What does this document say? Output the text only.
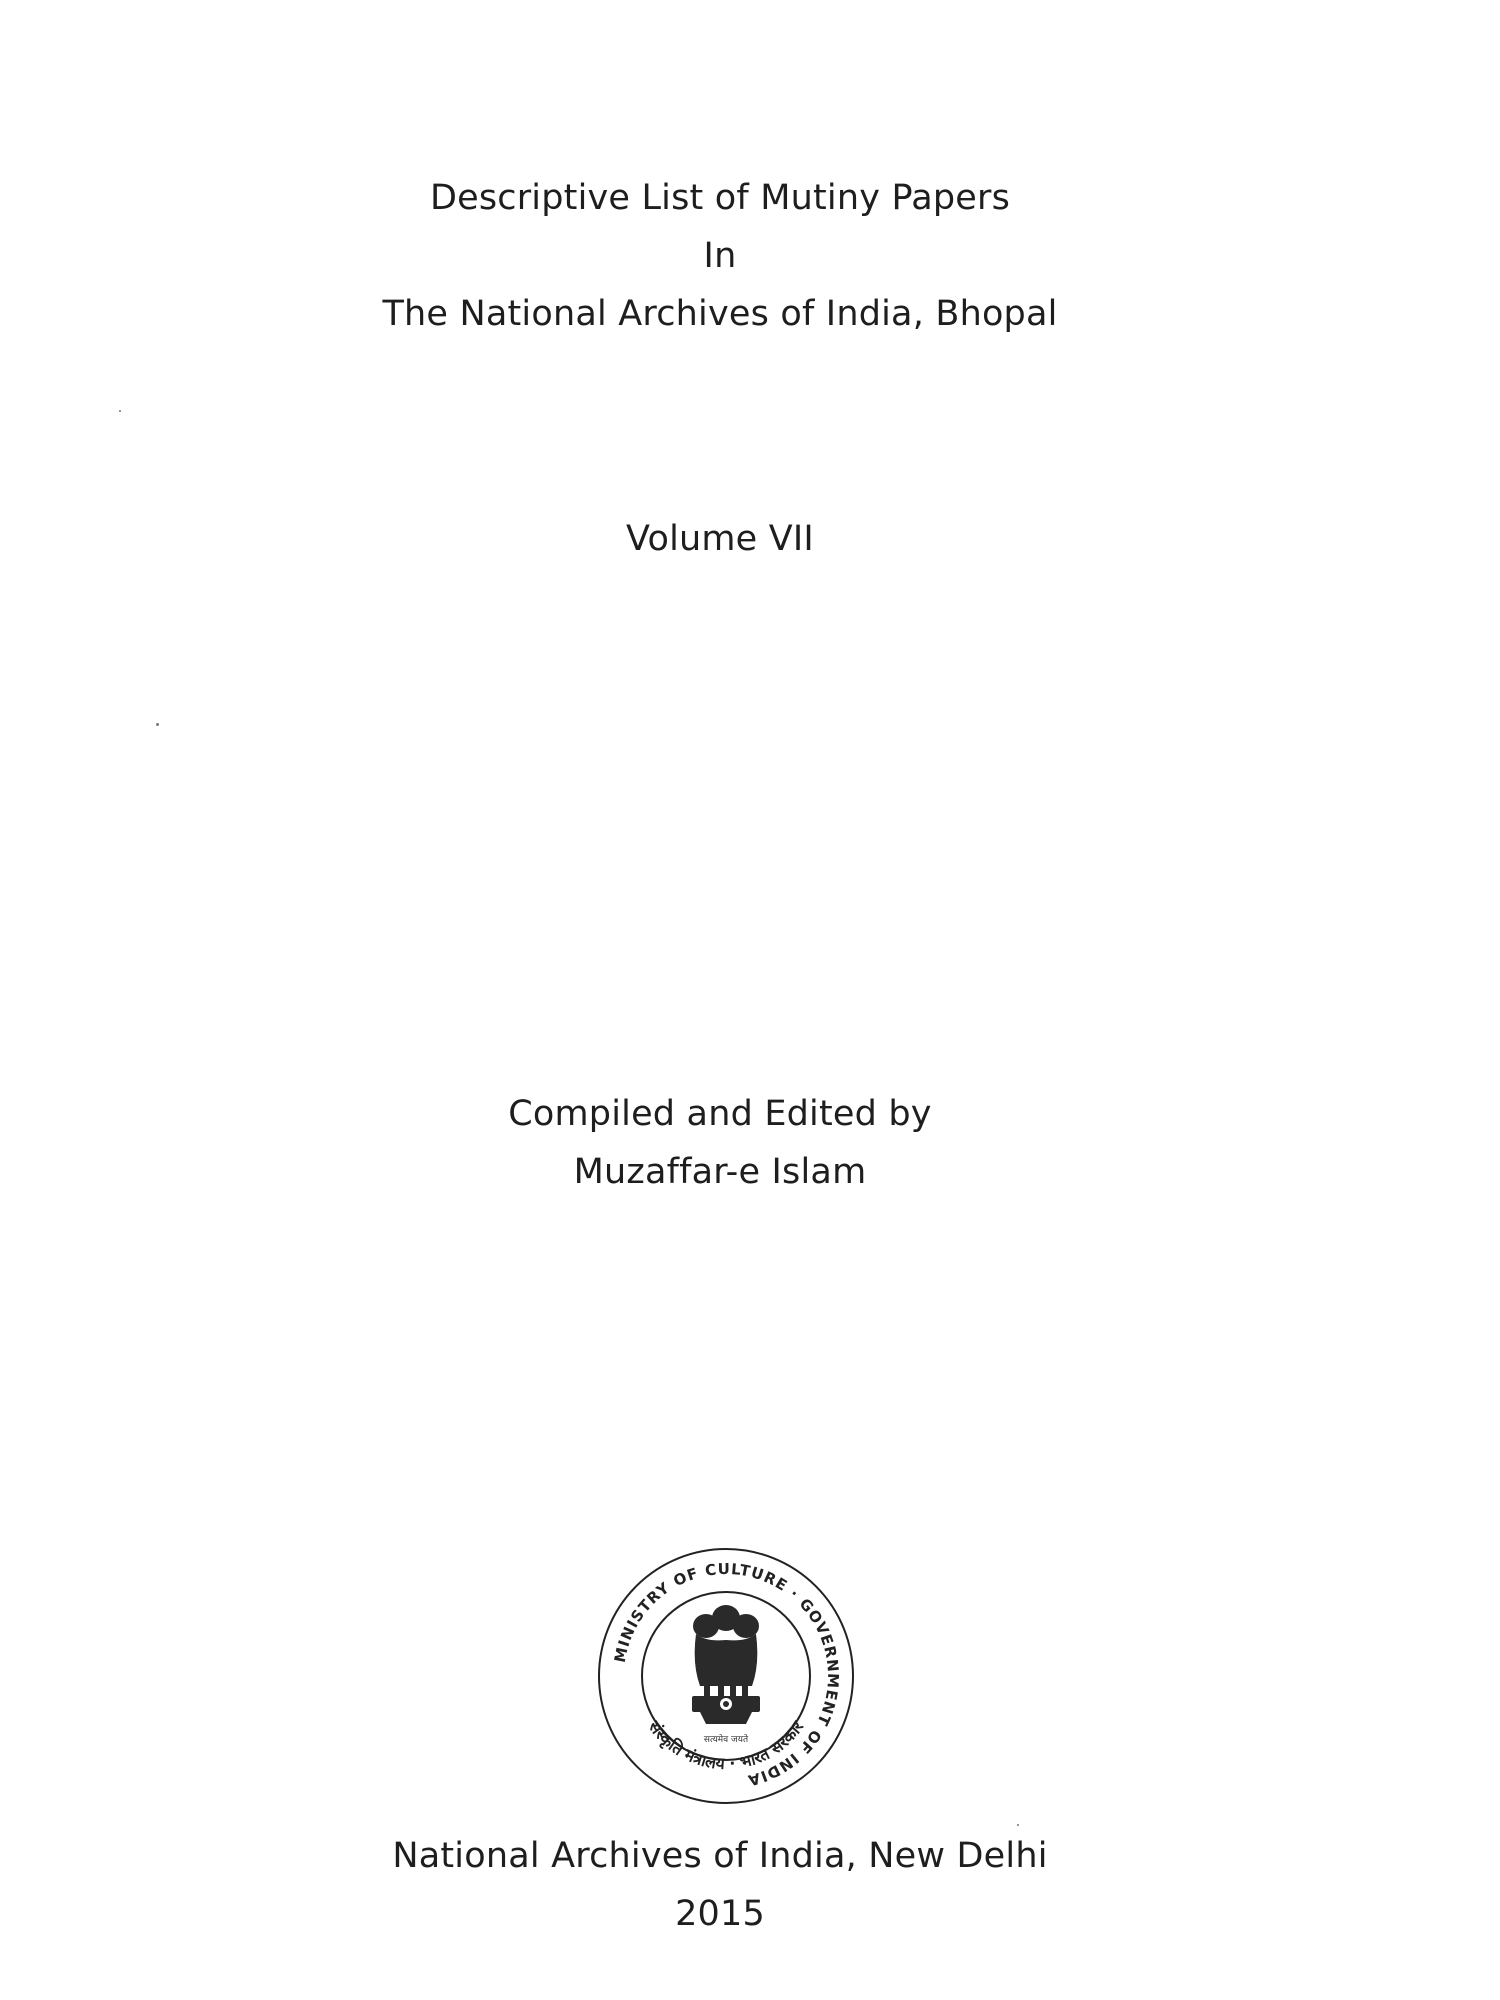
Descriptive List of Mutiny Papers
In
The National Archives of India, Bhopal
Volume VII
Compiled and Edited by
Muzaffar-e Islam
MINISTRY OF CULTURE · GOVERNMENT OF INDIA
संस्कृति मंत्रालय · भारत सरकार
सत्यमेव जयते
National Archives of India, New Delhi
2015
